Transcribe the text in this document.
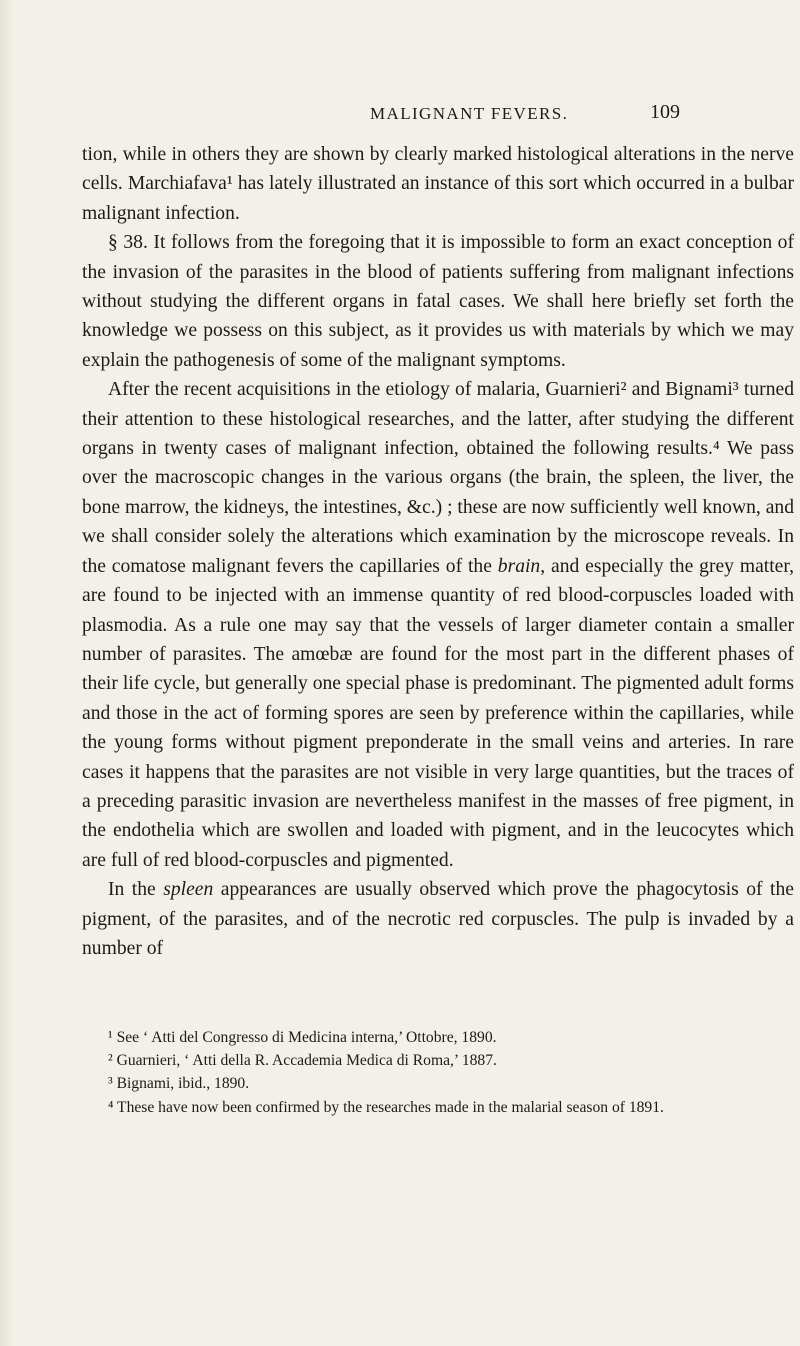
MALIGNANT FEVERS.	109

tion, while in others they are shown by clearly marked histological alterations in the nerve cells. Marchiafava¹ has lately illustrated an instance of this sort which occurred in a bulbar malignant infection.

§ 38. It follows from the foregoing that it is impossible to form an exact conception of the invasion of the parasites in the blood of patients suffering from malignant infections without studying the different organs in fatal cases. We shall here briefly set forth the knowledge we possess on this subject, as it provides us with materials by which we may explain the pathogenesis of some of the malignant symptoms.

After the recent acquisitions in the etiology of malaria, Guarnieri² and Bignami³ turned their attention to these histological researches, and the latter, after studying the different organs in twenty cases of malignant infection, obtained the following results.⁴ We pass over the macroscopic changes in the various organs (the brain, the spleen, the liver, the bone marrow, the kidneys, the intestines, &c.) ; these are now sufficiently well known, and we shall consider solely the alterations which examination by the microscope reveals. In the comatose malignant fevers the capillaries of the brain, and especially the grey matter, are found to be injected with an immense quantity of red blood-corpuscles loaded with plasmodia. As a rule one may say that the vessels of larger diameter contain a smaller number of parasites. The amœbæ are found for the most part in the different phases of their life cycle, but generally one special phase is predominant. The pigmented adult forms and those in the act of forming spores are seen by preference within the capillaries, while the young forms without pigment preponderate in the small veins and arteries. In rare cases it happens that the parasites are not visible in very large quantities, but the traces of a preceding parasitic invasion are nevertheless manifest in the masses of free pigment, in the endothelia which are swollen and loaded with pigment, and in the leucocytes which are full of red blood-corpuscles and pigmented.

In the spleen appearances are usually observed which prove the phagocytosis of the pigment, of the parasites, and of the necrotic red corpuscles. The pulp is invaded by a number of

¹ See ‘ Atti del Congresso di Medicina interna,’ Ottobre, 1890.

² Guarnieri, ‘ Atti della R. Accademia Medica di Roma,’ 1887.

³ Bignami, ibid., 1890.

⁴ These have now been confirmed by the researches made in the malarial season of 1891.
